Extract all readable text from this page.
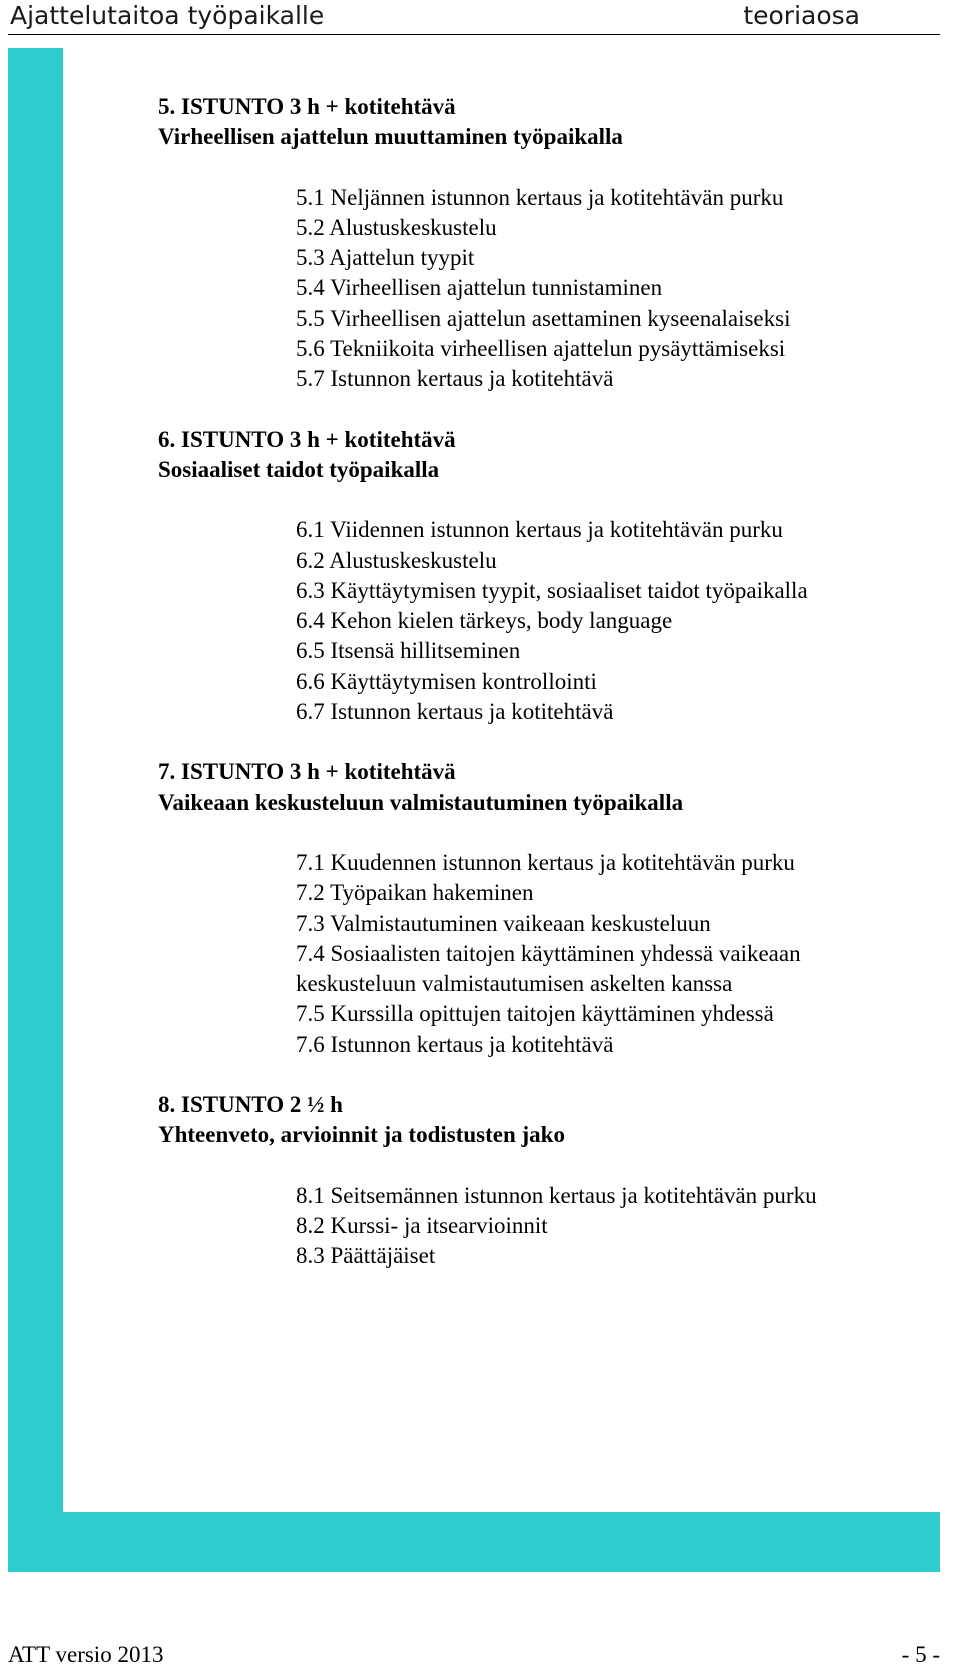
Ajattelutaitoa työpaikalle	teoriaosa
5. ISTUNTO 3 h + kotitehtävä
Virheellisen ajattelun muuttaminen työpaikalla
5.1 Neljännen istunnon kertaus ja kotitehtävän purku
5.2 Alustuskeskustelu
5.3 Ajattelun tyypit
5.4 Virheellisen ajattelun tunnistaminen
5.5 Virheellisen ajattelun asettaminen kyseenalaiseksi
5.6 Tekniikoita virheellisen ajattelun pysäyttämiseksi
5.7 Istunnon kertaus ja kotitehtävä
6. ISTUNTO 3 h + kotitehtävä
Sosiaaliset taidot työpaikalla
6.1 Viidennen istunnon kertaus ja kotitehtävän purku
6.2 Alustuskeskustelu
6.3 Käyttäytymisen tyypit, sosiaaliset taidot työpaikalla
6.4 Kehon kielen tärkeys, body language
6.5 Itsensä hillitseminen
6.6 Käyttäytymisen kontrollointi
6.7 Istunnon kertaus ja kotitehtävä
7. ISTUNTO 3 h + kotitehtävä
Vaikeaan keskusteluun valmistautuminen työpaikalla
7.1 Kuudennen istunnon kertaus ja kotitehtävän purku
7.2 Työpaikan hakeminen
7.3 Valmistautuminen vaikeaan keskusteluun
7.4 Sosiaalisten taitojen käyttäminen yhdessä vaikeaan
keskusteluun valmistautumisen askelten kanssa
7.5 Kurssilla opittujen taitojen käyttäminen yhdessä
7.6 Istunnon kertaus ja kotitehtävä
8. ISTUNTO 2 ½ h
Yhteenveto, arvioinnit ja todistusten jako
8.1 Seitsemännen istunnon kertaus ja kotitehtävän purku
8.2 Kurssi- ja itsearvioinnit
8.3 Päättäjäiset
ATT versio 2013	- 5 -
